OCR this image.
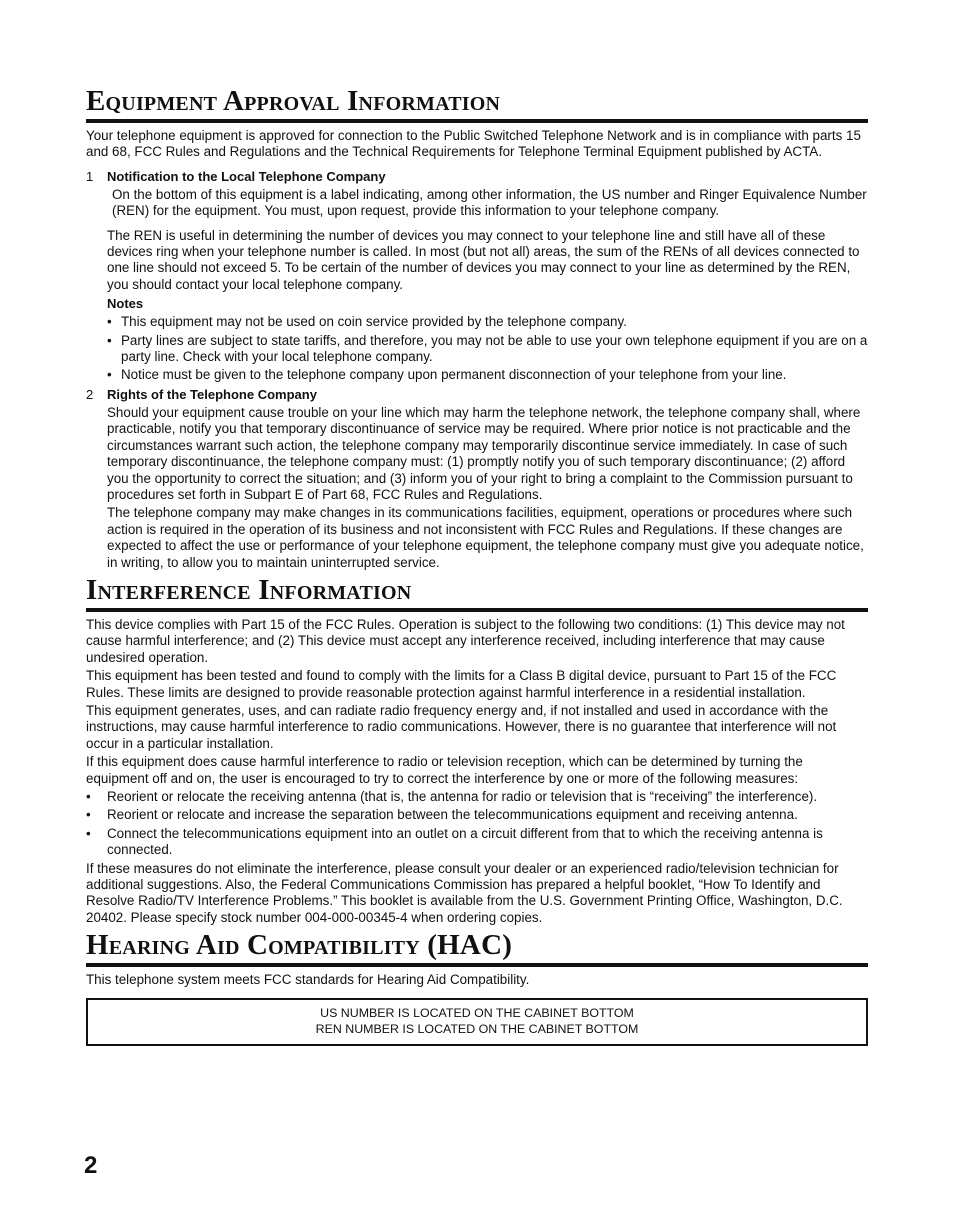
Equipment Approval Information

Your telephone equipment is approved for connection to the Public Switched Telephone Network and is in compliance with parts 15 and 68, FCC Rules and Regulations and the Technical Requirements for Telephone Terminal Equipment published by ACTA.

1 Notification to the Local Telephone Company

On the bottom of this equipment is a label indicating, among other information, the US number and Ringer Equivalence Number (REN) for the equipment. You must, upon request, provide this information to your telephone company.

The REN is useful in determining the number of devices you may connect to your telephone line and still have all of these devices ring when your telephone number is called. In most (but not all) areas, the sum of the RENs of all devices connected to one line should not exceed 5. To be certain of the number of devices you may connect to your line as determined by the REN, you should contact your local telephone company.

Notes
• This equipment may not be used on coin service provided by the telephone company.
• Party lines are subject to state tariffs, and therefore, you may not be able to use your own telephone equipment if you are on a party line. Check with your local telephone company.
• Notice must be given to the telephone company upon permanent disconnection of your telephone from your line.
2 Rights of the Telephone Company

Should your equipment cause trouble on your line which may harm the telephone network, the telephone company shall, where practicable, notify you that temporary discontinuance of service may be required. Where prior notice is not practicable and the circumstances warrant such action, the telephone company may temporarily discontinue service immediately. In case of such temporary discontinuance, the telephone company must: (1) promptly notify you of such temporary discontinuance; (2) afford you the opportunity to correct the situation; and (3) inform you of your right to bring a complaint to the Commission pursuant to procedures set forth in Subpart E of Part 68, FCC Rules and Regulations.

The telephone company may make changes in its communications facilities, equipment, operations or procedures where such action is required in the operation of its business and not inconsistent with FCC Rules and Regulations. If these changes are expected to affect the use or performance of your telephone equipment, the telephone company must give you adequate notice, in writing, to allow you to maintain uninterrupted service.

Interference Information

This device complies with Part 15 of the FCC Rules. Operation is subject to the following two conditions: (1) This device may not cause harmful interference; and (2) This device must accept any interference received, including interference that may cause undesired operation.

This equipment has been tested and found to comply with the limits for a Class B digital device, pursuant to Part 15 of the FCC Rules. These limits are designed to provide reasonable protection against harmful interference in a residential installation.

This equipment generates, uses, and can radiate radio frequency energy and, if not installed and used in accordance with the instructions, may cause harmful interference to radio communications. However, there is no guarantee that interference will not occur in a particular installation.

If this equipment does cause harmful interference to radio or television reception, which can be determined by turning the equipment off and on, the user is encouraged to try to correct the interference by one or more of the following measures:

• Reorient or relocate the receiving antenna (that is, the antenna for radio or television that is “receiving” the interference).
• Reorient or relocate and increase the separation between the telecommunications equipment and receiving antenna.
• Connect the telecommunications equipment into an outlet on a circuit different from that to which the receiving antenna is connected.

If these measures do not eliminate the interference, please consult your dealer or an experienced radio/television technician for additional suggestions. Also, the Federal Communications Commission has prepared a helpful booklet, “How To Identify and Resolve Radio/TV Interference Problems.” This booklet is available from the U.S. Government Printing Office, Washington, D.C. 20402. Please specify stock number 004-000-00345-4 when ordering copies.

Hearing Aid Compatibility (HAC)

This telephone system meets FCC standards for Hearing Aid Compatibility.

US NUMBER IS LOCATED ON THE CABINET BOTTOM
REN NUMBER IS LOCATED ON THE CABINET BOTTOM
2
